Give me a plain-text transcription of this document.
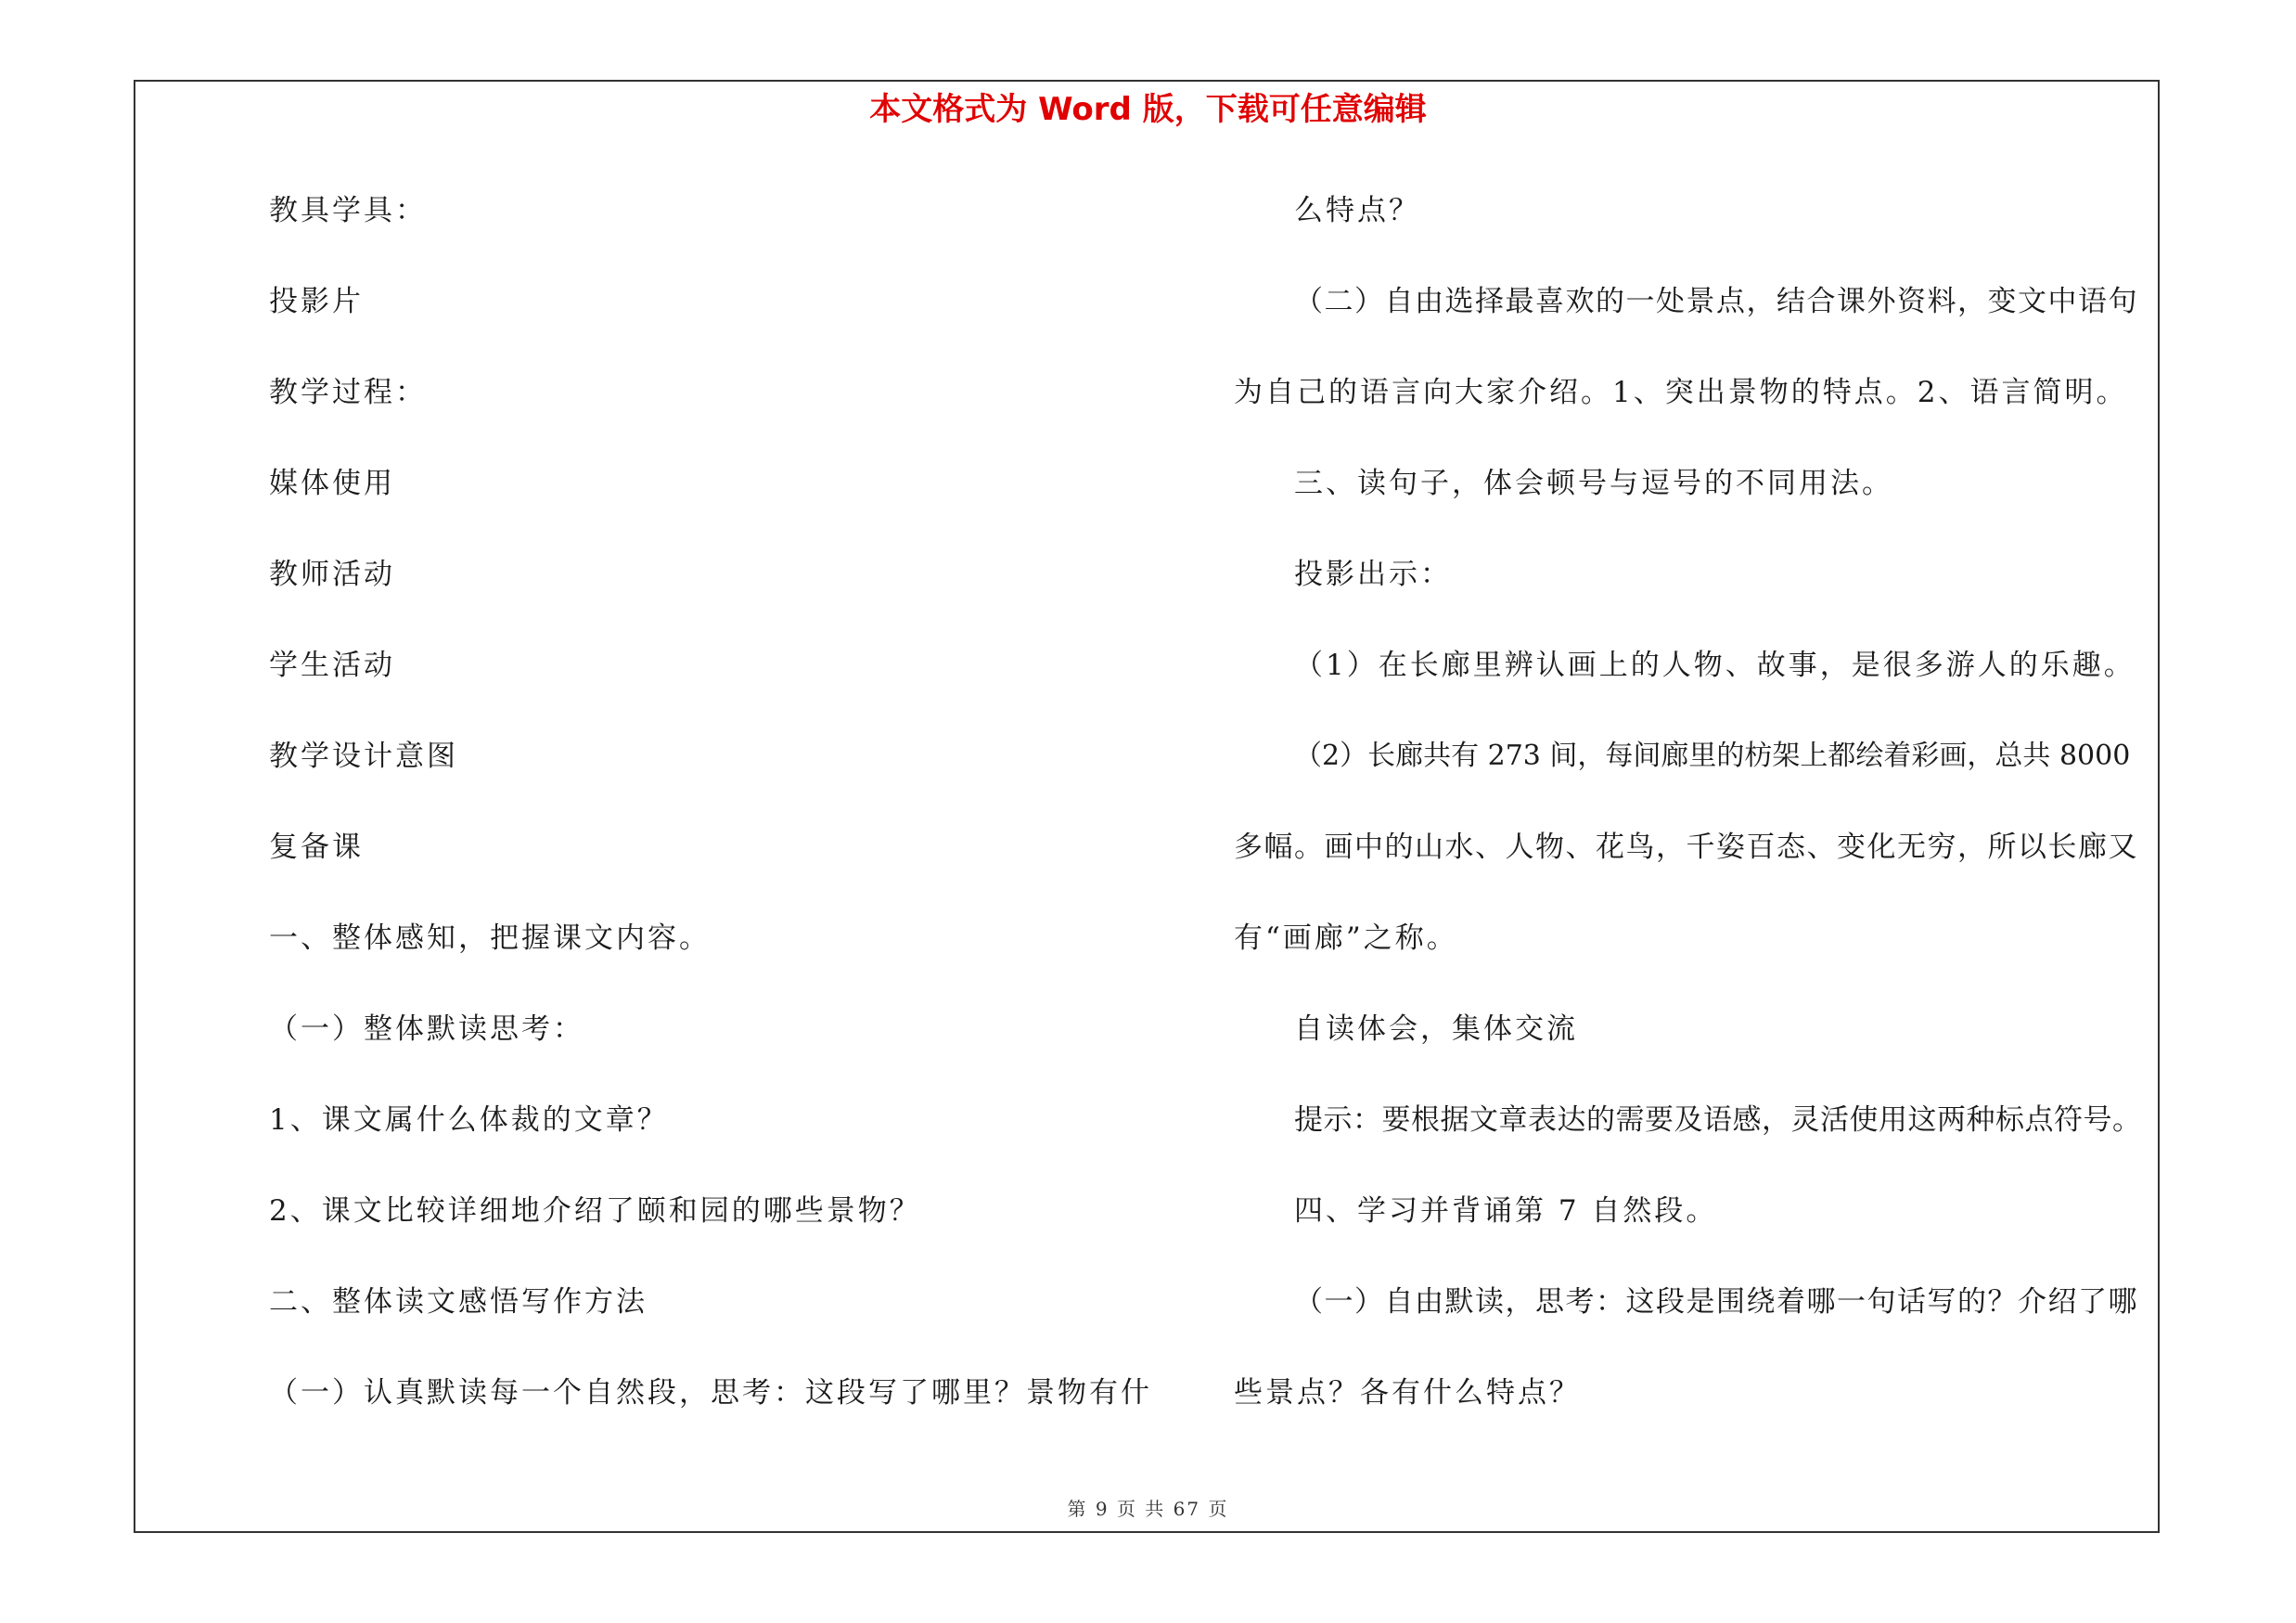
本文格式为 Word 版，下载可任意编辑
教具学具：
投影片
教学过程：
媒体使用
教师活动
学生活动
教学设计意图
复备课
一、整体感知，把握课文内容。
（一）整体默读思考：
1、课文属什么体裁的文章？
2、课文比较详细地介绍了颐和园的哪些景物？
二、整体读文感悟写作方法
（一）认真默读每一个自然段，思考：这段写了哪里？景物有什
么特点？
（二）自由选择最喜欢的一处景点，结合课外资料，变文中语句
为自己的语言向大家介绍。1、突出景物的特点。2、语言简明。
三、读句子，体会顿号与逗号的不同用法。
投影出示：
（1）在长廊里辨认画上的人物、故事，是很多游人的乐趣。
（2）长廊共有 273 间，每间廊里的枋架上都绘着彩画，总共 8000
多幅。画中的山水、人物、花鸟，千姿百态、变化无穷，所以长廊又
有“画廊”之称。
自读体会，集体交流
提示：要根据文章表达的需要及语感，灵活使用这两种标点符号。
四、学习并背诵第 7 自然段。
（一）自由默读，思考：这段是围绕着哪一句话写的？介绍了哪
些景点？各有什么特点？
第 9 页 共 67 页
